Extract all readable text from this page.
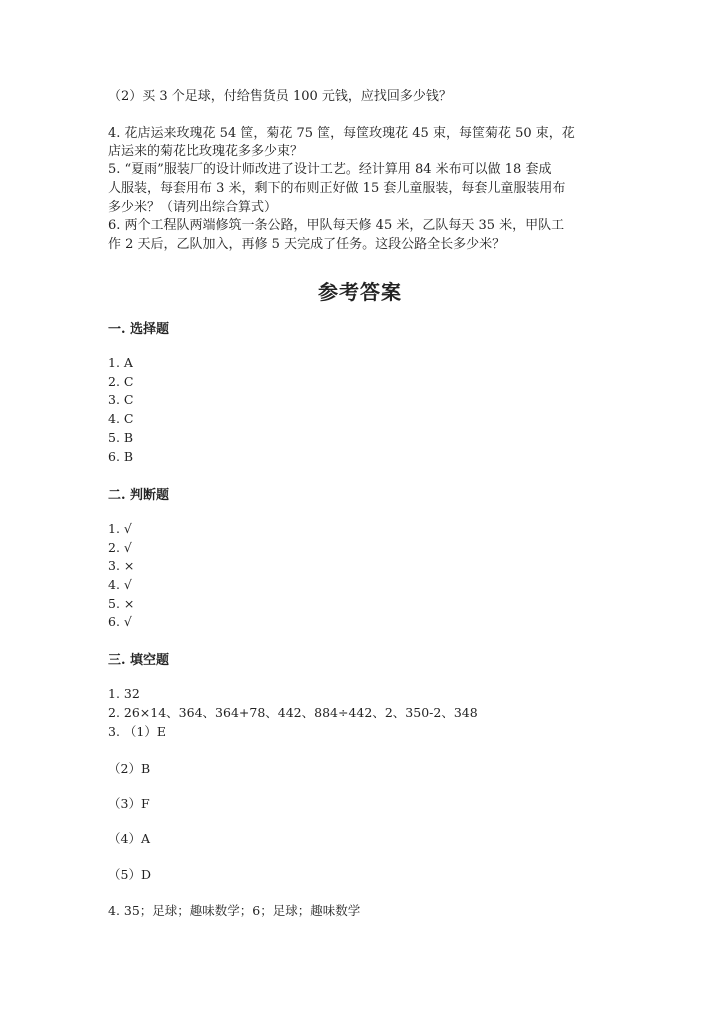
（2）买 3 个足球，付给售货员 100 元钱，应找回多少钱？
4. 花店运来玫瑰花 54 筐，菊花 75 筐，每筐玫瑰花 45 束，每筐菊花 50 束，花
店运来的菊花比玫瑰花多多少束？
5. “夏雨”服装厂的设计师改进了设计工艺。经计算用 84 米布可以做 18 套成
人服装，每套用布 3 米，剩下的布则正好做 15 套儿童服装，每套儿童服装用布
多少米？（请列出综合算式）
6. 两个工程队两端修筑一条公路，甲队每天修 45 米，乙队每天 35 米，甲队工
作 2 天后，乙队加入，再修 5 天完成了任务。这段公路全长多少米？
参考答案
一. 选择题
1. A
2. C
3. C
4. C
5. B
6. B
二. 判断题
1. √
2. √
3. ×
4. √
5. ×
6. √
三. 填空题
1. 32
2. 26×14、364、364+78、442、884÷442、2、350-2、348
3. （1）E
（2）B
（3）F
（4）A
（5）D
4. 35；足球；趣味数学；6；足球；趣味数学
